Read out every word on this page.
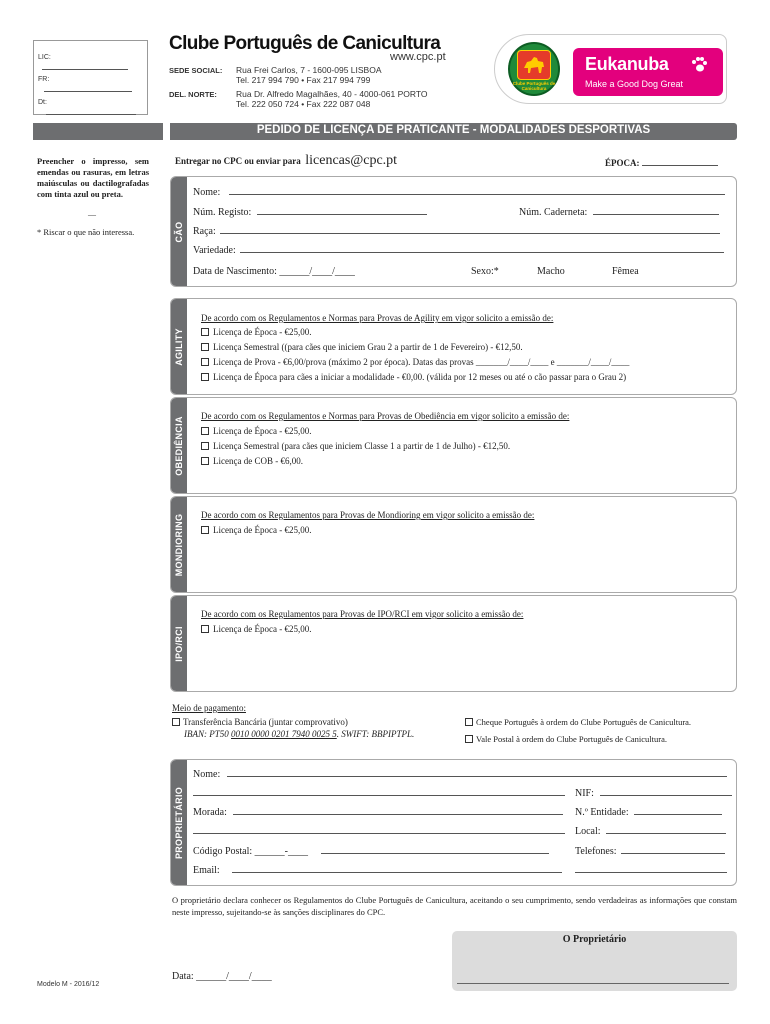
LIC:
FR:
Dt:
Clube Português de Canicultura
www.cpc.pt
SEDE SOCIAL: Rua Frei Carlos, 7 - 1600-095 LISBOA
Tel. 217 994 790 • Fax 217 994 799
DEL. NORTE: Rua Dr. Alfredo Magalhães, 40 - 4000-061 PORTO
Tel. 222 050 724 • Fax 222 087 048
Clube Português de Canicultura
Eukanuba
Make a Good Dog Great
PEDIDO DE LICENÇA DE PRATICANTE - MODALIDADES DESPORTIVAS
Preencher o impresso, sem emendas ou rasuras, em letras maiúsculas ou dactilografadas com tinta azul ou preta.
—
* Riscar o que não interessa.
Entregar no CPC ou enviar para licencas@cpc.pt	ÉPOCA:
CÃO
Nome:
Núm. Registo:	Núm. Caderneta:
Raça:
Variedade:
Data de Nascimento: ______/____/____	Sexo:*	Macho	Fêmea
AGILITY
De acordo com os Regulamentos e Normas para Provas de Agility em vigor solicito a emissão de:
Licença de Época - €25,00.
Licença Semestral ((para cães que iniciem Grau 2 a partir de 1 de Fevereiro) - €12,50.
Licença de Prova - €6,00/prova (máximo 2 por época). Datas das provas _______/____/____ e _______/____/____
Licença de Época para cães a iniciar a modalidade - €0,00. (válida por 12 meses ou até o cão passar para o Grau 2)
OBEDIÊNCIA De acordo com os Regulamentos e Normas para Provas de Obediência em vigor solicito a emissão de:
Licença de Época - €25,00.
Licença Semestral (para cães que iniciem Classe 1 a partir de 1 de Julho) - €12,50.
Licença de COB - €6,00.
MONDIORING De acordo com os Regulamentos para Provas de Mondioring em vigor solicito a emissão de:
Licença de Época - €25,00.
IPO/RCI
De acordo com os Regulamentos para Provas de IPO/RCI em vigor solicito a emissão de:
Licença de Época - €25,00.
Meio de pagamento:
Transferência Bancária (juntar comprovativo)
IBAN: PT50 0010 0000 0201 7940 0025 5. SWIFT: BBPIPTPL.
Cheque Português à ordem do Clube Português de Canicultura.
Vale Postal à ordem do Clube Português de Canicultura.
PROPRIETÁRIO
Nome:
NIF:
Morada:	N.º Entidade:
Local:
Código Postal: ______-____	Telefones:
Email:
O proprietário declara conhecer os Regulamentos do Clube Português de Canicultura, aceitando o seu cumprimento, sendo verdadeiras as informações que constam neste impresso, sujeitando-se às sanções disciplinares do CPC.
O Proprietário
Data: ______/____/____
Modelo M - 2016/12
